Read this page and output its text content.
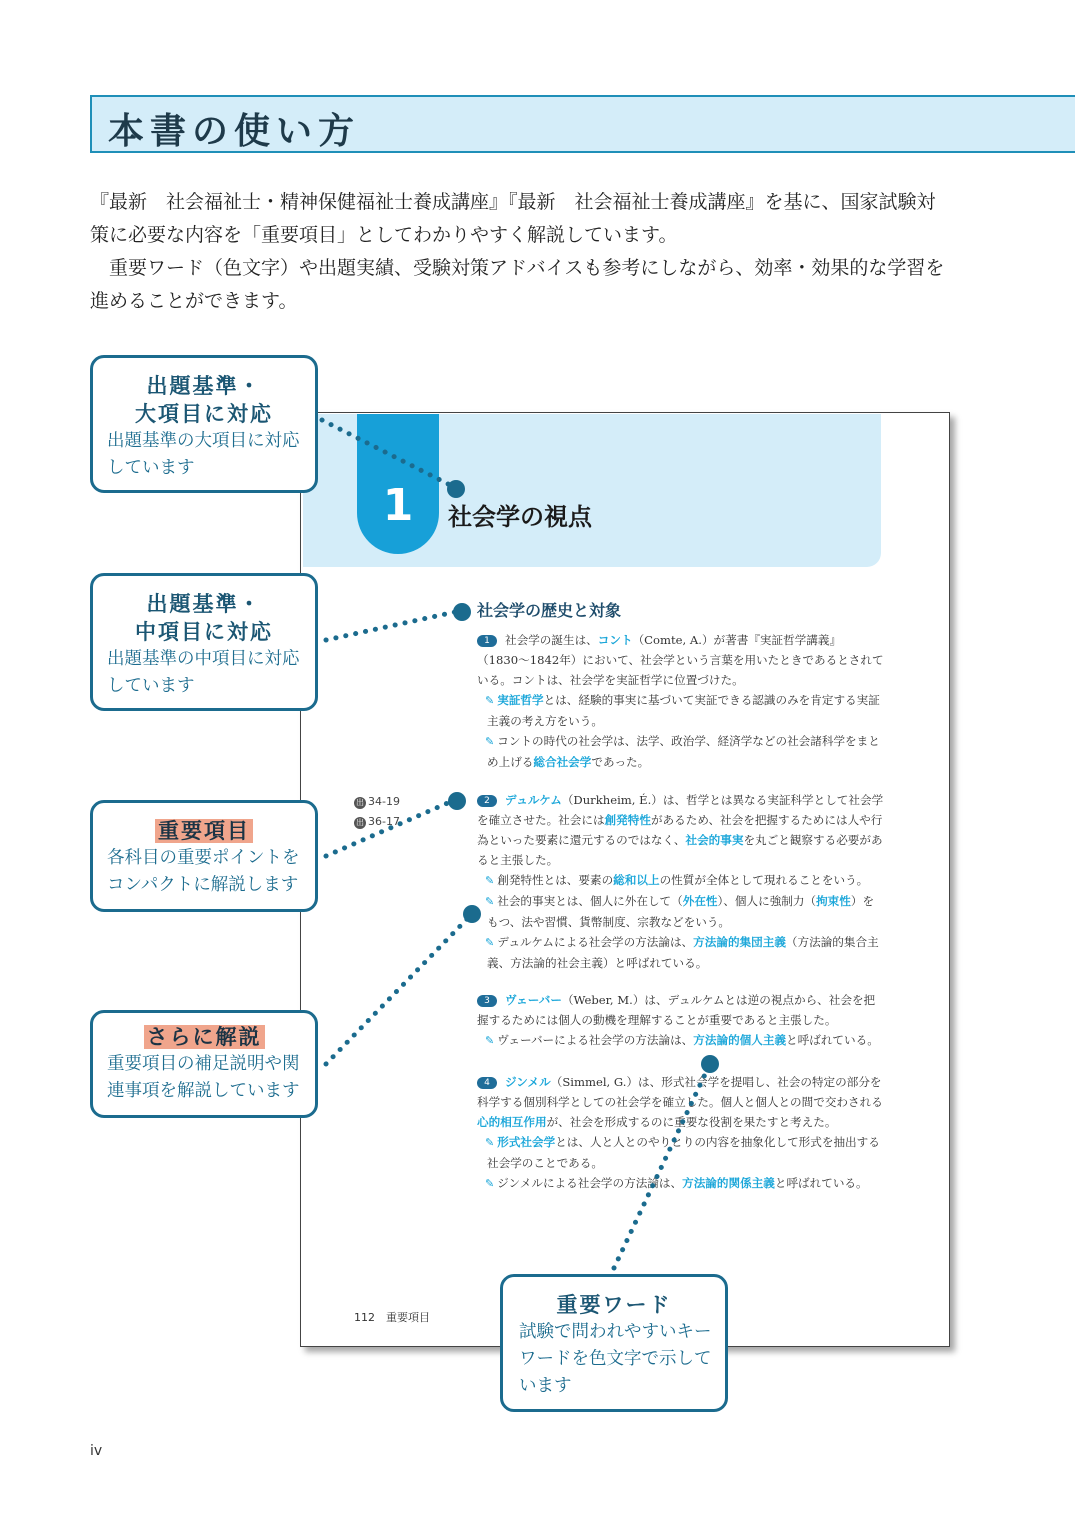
本書の使い方

『最新　社会福祉士・精神保健福祉士養成講座』『最新　社会福祉士養成講座』を基に、国家試験対策に必要な内容を「重要項目」としてわかりやすく解説しています。

　重要ワード（色文字）や出題実績、受験対策アドバイスも参考にしながら、効率・効果的な学習を進めることができます。

1	社会学の視点
社会学の歴史と対象
1 社会学の誕生は、コント（Comte, A.）が著書『実証哲学講義』（1830〜1842年）において、社会学という言葉を用いたときであるとされている。コントは、社会学を実証哲学に位置づけた。
✎ 実証哲学とは、経験的事実に基づいて実証できる認識のみを肯定する実証主義の考え方をいう。
✎ コントの時代の社会学は、法学、政治学、経済学などの社会諸科学をまとめ上げる総合社会学であった。
出 34-19
出 36-17
2 デュルケム（Durkheim, É.）は、哲学とは異なる実証科学として社会学を確立させた。社会には創発特性があるため、社会を把握するためには人や行為といった要素に還元するのではなく、社会的事実を丸ごと観察する必要があると主張した。
✎ 創発特性とは、要素の総和以上の性質が全体として現れることをいう。
✎ 社会的事実とは、個人に外在して（外在性）、個人に強制力（拘束性）をもつ、法や習慣、貨幣制度、宗教などをいう。
✎ デュルケムによる社会学の方法論は、方法論的集団主義（方法論的集合主義、方法論的社会主義）と呼ばれている。
3 ヴェーバー（Weber, M.）は、デュルケムとは逆の視点から、社会を把握するためには個人の動機を理解することが重要であると主張した。
✎ ヴェーバーによる社会学の方法論は、方法論的個人主義と呼ばれている。
4 ジンメル（Simmel, G.）は、形式社会学を提唱し、社会の特定の部分を科学する個別科学としての社会学を確立した。個人と個人との間で交わされる心的相互作用が、社会を形成するのに重要な役割を果たすと考えた。
✎ 形式社会学とは、人と人とのやりとりの内容を抽象化して形式を抽出する社会学のことである。
✎ ジンメルによる社会学の方法論は、方法論的関係主義と呼ばれている。
112　重要項目
出題基準・
大項目に対応
出題基準の大項目に対応しています
出題基準・
中項目に対応
出題基準の中項目に対応しています
重要項目
各科目の重要ポイントをコンパクトに解説します
さらに解説
重要項目の補足説明や関連事項を解説しています
重要ワード
試験で問われやすいキーワードを色文字で示しています
iv
